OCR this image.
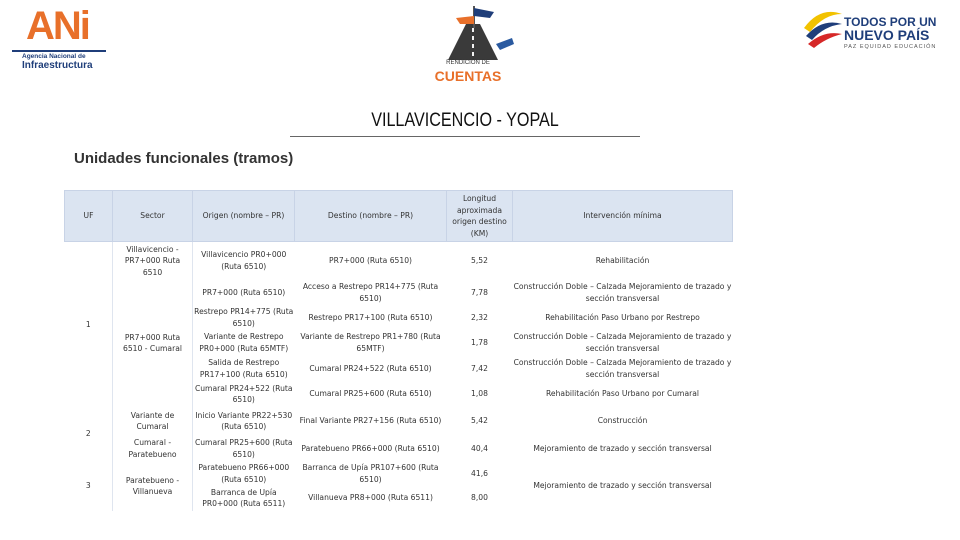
ANi
Agencia Nacional de
Infraestructura	RENDICIÓN DE
CUENTAS
TODOS POR UN
NUEVO PAÍS
PAZ EQUIDAD EDUCACIÓN
VILLAVICENCIO - YOPAL
Unidades funcionales (tramos)
UF	Sector	Origen (nombre – PR)	Destino (nombre – PR)	Longitud aproximada origen destino (KM)	Intervención mínima
1	Villavicencio - PR7+000 Ruta 6510	Villavicencio PR0+000 (Ruta 6510)	PR7+000 (Ruta 6510)	5,52	Rehabilitación
	PR7+000 Ruta 6510 - Cumaral	PR7+000 (Ruta 6510)	Acceso a Restrepo PR14+775 (Ruta 6510)	7,78	Construcción Doble – Calzada Mejoramiento de trazado y sección transversal
		Restrepo PR14+775 (Ruta 6510)	Restrepo PR17+100 (Ruta 6510)	2,32	Rehabilitación Paso Urbano por Restrepo
		Variante de Restrepo PR0+000 (Ruta 65MTF)	Variante de Restrepo PR1+780 (Ruta 65MTF)	1,78	Construcción Doble – Calzada Mejoramiento de trazado y sección transversal
		Salida de Restrepo PR17+100 (Ruta 6510)	Cumaral PR24+522 (Ruta 6510)	7,42	Construcción Doble – Calzada Mejoramiento de trazado y sección transversal
		Cumaral PR24+522 (Ruta 6510)	Cumaral PR25+600 (Ruta 6510)	1,08	Rehabilitación Paso Urbano por Cumaral
2	Variante de Cumaral	Inicio Variante PR22+530 (Ruta 6510)	Final Variante PR27+156 (Ruta 6510)	5,42	Construcción
	Cumaral - Paratebueno	Cumaral PR25+600 (Ruta 6510)	Paratebueno PR66+000 (Ruta 6510)	40,4	Mejoramiento de trazado y sección transversal
3	Paratebueno - Villanueva	Paratebueno PR66+000 (Ruta 6510)	Barranca de Upía PR107+600 (Ruta 6510)	41,6	Mejoramiento de trazado y sección transversal
		Barranca de Upía PR0+000 (Ruta 6511)	Villanueva PR8+000 (Ruta 6511)	8,00	
